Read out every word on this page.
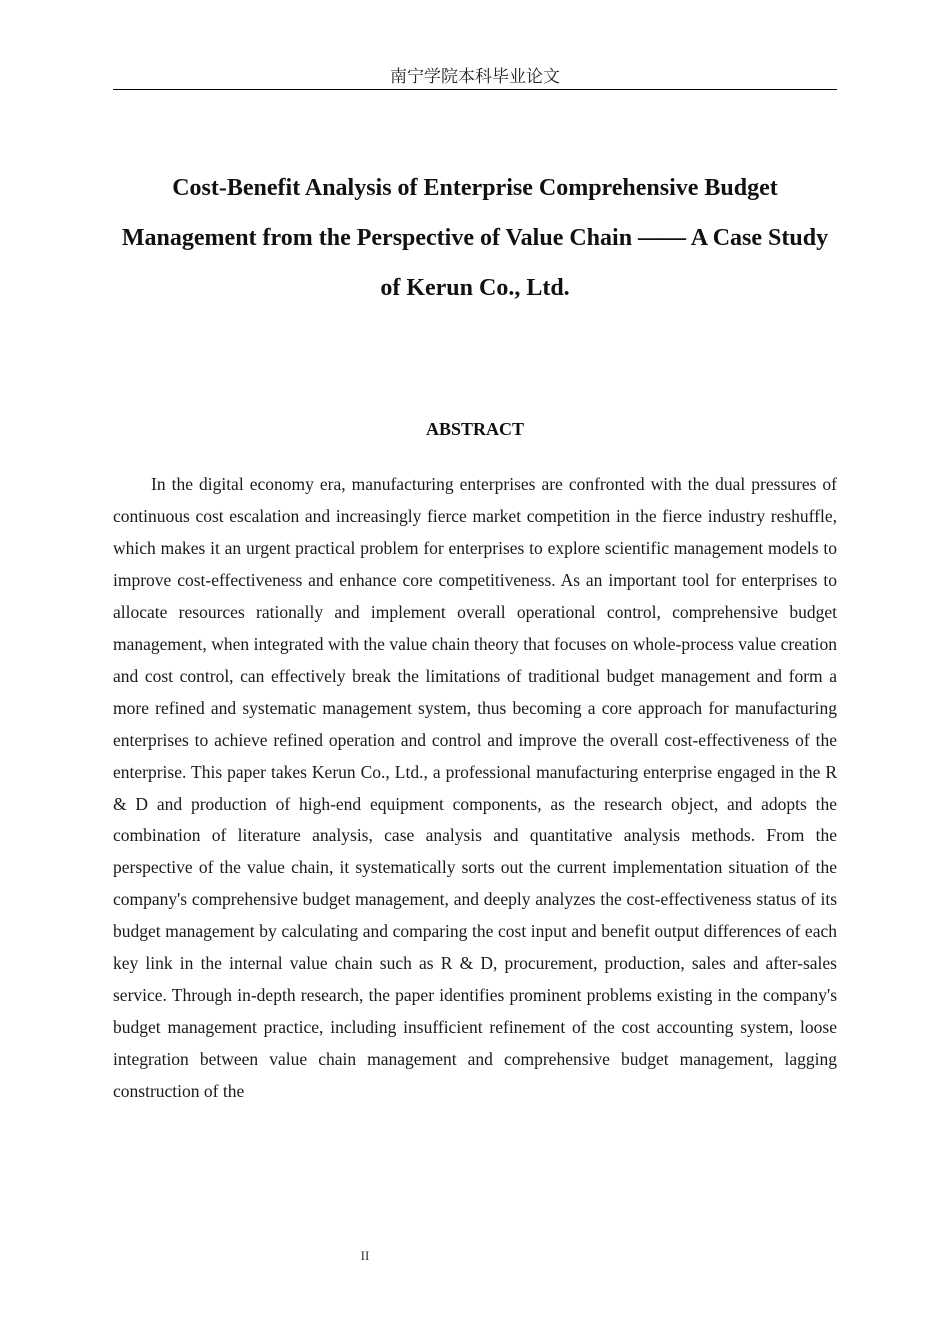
南宁学院本科毕业论文
Cost-Benefit Analysis of Enterprise Comprehensive Budget Management from the Perspective of Value Chain —— A Case Study of Kerun Co., Ltd.
ABSTRACT

In the digital economy era, manufacturing enterprises are confronted with the dual pressures of continuous cost escalation and increasingly fierce market competition in the fierce industry reshuffle, which makes it an urgent practical problem for enterprises to explore scientific management models to improve cost-effectiveness and enhance core competitiveness. As an important tool for enterprises to allocate resources rationally and implement overall operational control, comprehensive budget management, when integrated with the value chain theory that focuses on whole-process value creation and cost control, can effectively break the limitations of traditional budget management and form a more refined and systematic management system, thus becoming a core approach for manufacturing enterprises to achieve refined operation and control and improve the overall cost-effectiveness of the enterprise. This paper takes Kerun Co., Ltd., a professional manufacturing enterprise engaged in the R & D and production of high-end equipment components, as the research object, and adopts the combination of literature analysis, case analysis and quantitative analysis methods. From the perspective of the value chain, it systematically sorts out the current implementation situation of the company's comprehensive budget management, and deeply analyzes the cost-effectiveness status of its budget management by calculating and comparing the cost input and benefit output differences of each key link in the internal value chain such as R & D, procurement, production, sales and after-sales service. Through in-depth research, the paper identifies prominent problems existing in the company's budget management practice, including insufficient refinement of the cost accounting system, loose integration between value chain management and comprehensive budget management, lagging construction of the

II
